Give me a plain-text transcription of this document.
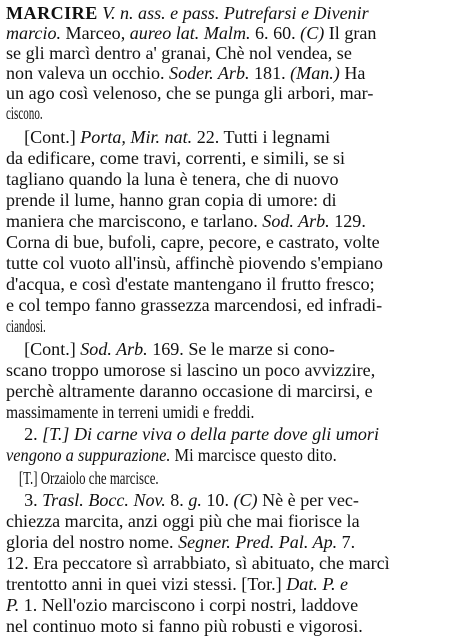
MARCIRE V. n. ass. e pass. Putrefarsi e Divenir
marcio. Marceo, aureo lat. Malm. 6. 60. (C) Il gran
se gli marcì dentro a' granai, Chè nol vendea, se
non valeva un occhio. Soder. Arb. 181. (Man.) Ha
un ago così velenoso, che se punga gli arbori, mar-
ciscono.
[Cont.] Porta, Mir. nat. 22. Tutti i legnami
da edificare, come travi, correnti, e simili, se si
tagliano quando la luna è tenera, che di nuovo
prende il lume, hanno gran copia di umore: di
maniera che marciscono, e tarlano. Sod. Arb. 129.
Corna di bue, bufoli, capre, pecore, e castrato, volte
tutte col vuoto all'insù, affinchè piovendo s'empiano
d'acqua, e così d'estate mantengano il frutto fresco;
e col tempo fanno grassezza marcendosi, ed infradi-
ciandosi.
[Cont.] Sod. Arb. 169. Se le marze si cono-
scano troppo umorose si lascino un poco avvizzire,
perchè altramente daranno occasione di marcirsi, e
massimamente in terreni umidi e freddi.
2. [T.] Di carne viva o della parte dove gli umori
vengono a suppurazione. Mi marcisce questo dito.
[T.] Orzaiolo che marcisce.
3. Trasl. Bocc. Nov. 8. g. 10. (C) Nè è per vec-
chiezza marcita, anzi oggi più che mai fiorisce la
gloria del nostro nome. Segner. Pred. Pal. Ap. 7.
12. Era peccatore sì arrabbiato, sì abituato, che marcì
trentotto anni in quei vizi stessi. [Tor.] Dat. P. e
P. 1. Nell'ozio marciscono i corpi nostri, laddove
nel continuo moto si fanno più robusti e vigorosi.
